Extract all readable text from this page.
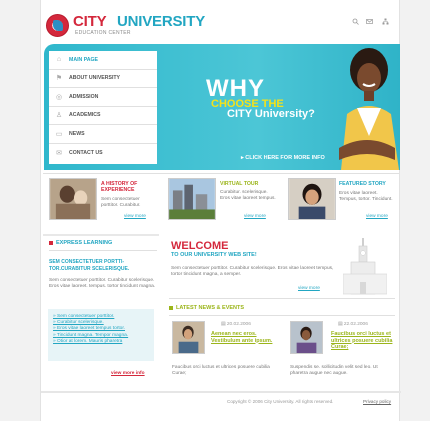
CITY UNIVERSITY
EDUCATION CENTER
⌂	MAIN PAGE
⚑	ABOUT UNIVERSITY
◎	ADMISSION
♙	ACADEMICS
▭	NEWS
✉	CONTACT US
WHY
CHOOSE THE
CITY University?
▸ CLICK HERE FOR MORE INFO
A HISTORY OF EXPERIENCE
Sem consectetuer porttitor. Curabitur.
view more
VIRTUAL TOUR
Curabitur. scelerisque. Eros vitae laoreet tempus.
view more
FEATURED STORY
Eros vitae laoreet. Tempus, tortor. Tincidunt.
view more
EXPRESS LEARNING
SEM CONSECTETUER PORTTI-TOR.CURABITUR SCELERISQUE.
Sem consectetuer porttitor. Curabitur scelerisque. Eros vitae laoreet. tempus. tortor tincidunt magna.
» Sem consectetuer porttitor.
» Curabitur scelerisque.
» Eros vitae laoreet tempus tortor.
» Tincidunt magna. Tempor magna.
» Otior at lorem. Mauris pharetra
view more info
WELCOME
TO OUR UNIVERSITY WEB SITE!
Sem consectetuer porttitor. Curabitur scelerisque. Eros vitae laoreet tempus, tortor tincidunt magna, a semper.
view more
LATEST NEWS & EVENTS
▤ 20.02.2006
Aenean nec eros. Vestibulum ante ipsum.
Faucibus orci luctus et ultrices posuere cubilia Curae;
▤ 22.02.2006
Faucibus orci luctus et ultrices posuere cubilia Curae;
Suspendis se. sollicitudin velit sed leo. Ut pharetra augue nec augue.
Copyright © 2006 City University. All rights reserved.	Privacy policy
